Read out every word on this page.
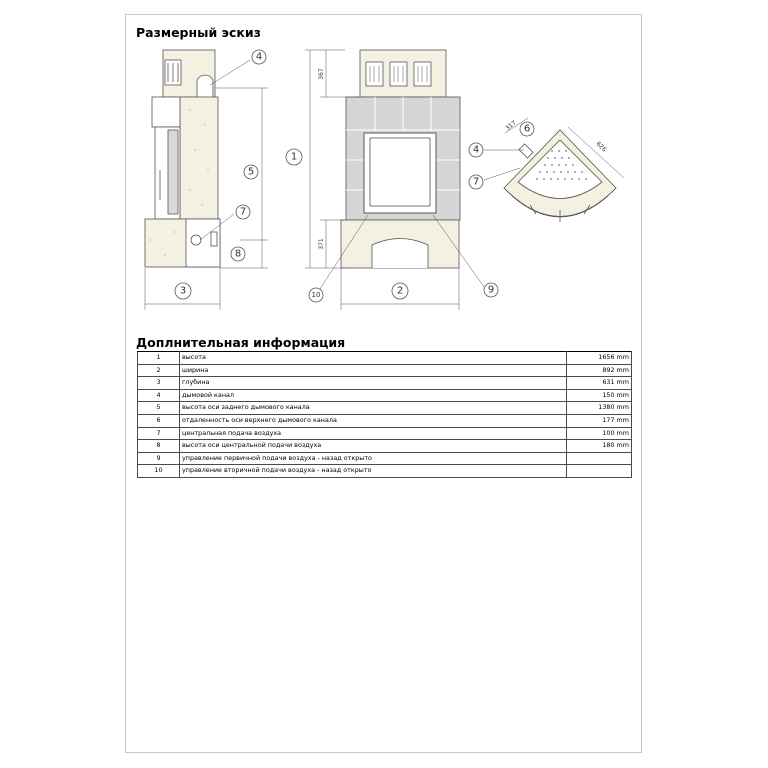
Размерный эскиз
4
5
7
8
3
1
2
10	9
4
6
7
367
371
317
626
Доплнительная информация
1	высота	1656 mm
2	ширина	892 mm
3	глубина	631 mm
4	дымовой канал	150 mm
5	высота оси заднего дымового канала	1380 mm
6	отдаленность оси верхнего дымового канала	177 mm
7	центральная подача воздуха	100 mm
8	высота оси центральной подачи воздуха	180 mm
9	управление первичной подачи воздуха - назад открыто	
10	управление вторичной подачи воздуха - назад открыто	
